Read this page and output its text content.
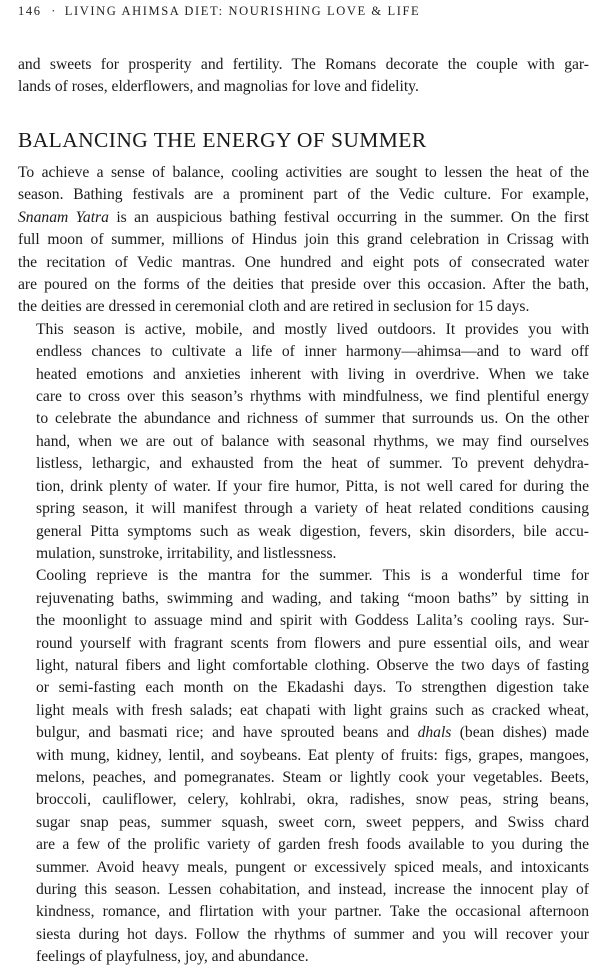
146 · LIVING AHIMSA DIET: NOURISHING LOVE & LIFE
and sweets for prosperity and fertility. The Romans decorate the couple with gar-
lands of roses, elderflowers, and magnolias for love and fidelity.
BALANCING THE ENERGY OF SUMMER

To achieve a sense of balance, cooling activities are sought to lessen the heat of the
season. Bathing festivals are a prominent part of the Vedic culture. For example,
Snanam Yatra is an auspicious bathing festival occurring in the summer. On the first
full moon of summer, millions of Hindus join this grand celebration in Crissag with
the recitation of Vedic mantras. One hundred and eight pots of consecrated water
are poured on the forms of the deities that preside over this occasion. After the bath,
the deities are dressed in ceremonial cloth and are retired in seclusion for 15 days.

This season is active, mobile, and mostly lived outdoors. It provides you with
endless chances to cultivate a life of inner harmony—ahimsa—and to ward off
heated emotions and anxieties inherent with living in overdrive. When we take
care to cross over this season’s rhythms with mindfulness, we find plentiful energy
to celebrate the abundance and richness of summer that surrounds us. On the other
hand, when we are out of balance with seasonal rhythms, we may find ourselves
listless, lethargic, and exhausted from the heat of summer. To prevent dehydra-
tion, drink plenty of water. If your fire humor, Pitta, is not well cared for during the
spring season, it will manifest through a variety of heat related conditions causing
general Pitta symptoms such as weak digestion, fevers, skin disorders, bile accu-
mulation, sunstroke, irritability, and listlessness.

Cooling reprieve is the mantra for the summer. This is a wonderful time for
rejuvenating baths, swimming and wading, and taking “moon baths” by sitting in
the moonlight to assuage mind and spirit with Goddess Lalita’s cooling rays. Sur-
round yourself with fragrant scents from flowers and pure essential oils, and wear
light, natural fibers and light comfortable clothing. Observe the two days of fasting
or semi-fasting each month on the Ekadashi days. To strengthen digestion take
light meals with fresh salads; eat chapati with light grains such as cracked wheat,
bulgur, and basmati rice; and have sprouted beans and dhals (bean dishes) made
with mung, kidney, lentil, and soybeans. Eat plenty of fruits: figs, grapes, mangoes,
melons, peaches, and pomegranates. Steam or lightly cook your vegetables. Beets,
broccoli, cauliflower, celery, kohlrabi, okra, radishes, snow peas, string beans,
sugar snap peas, summer squash, sweet corn, sweet peppers, and Swiss chard
are a few of the prolific variety of garden fresh foods available to you during the
summer. Avoid heavy meals, pungent or excessively spiced meals, and intoxicants
during this season. Lessen cohabitation, and instead, increase the innocent play of
kindness, romance, and flirtation with your partner. Take the occasional afternoon
siesta during hot days. Follow the rhythms of summer and you will recover your
feelings of playfulness, joy, and abundance.
